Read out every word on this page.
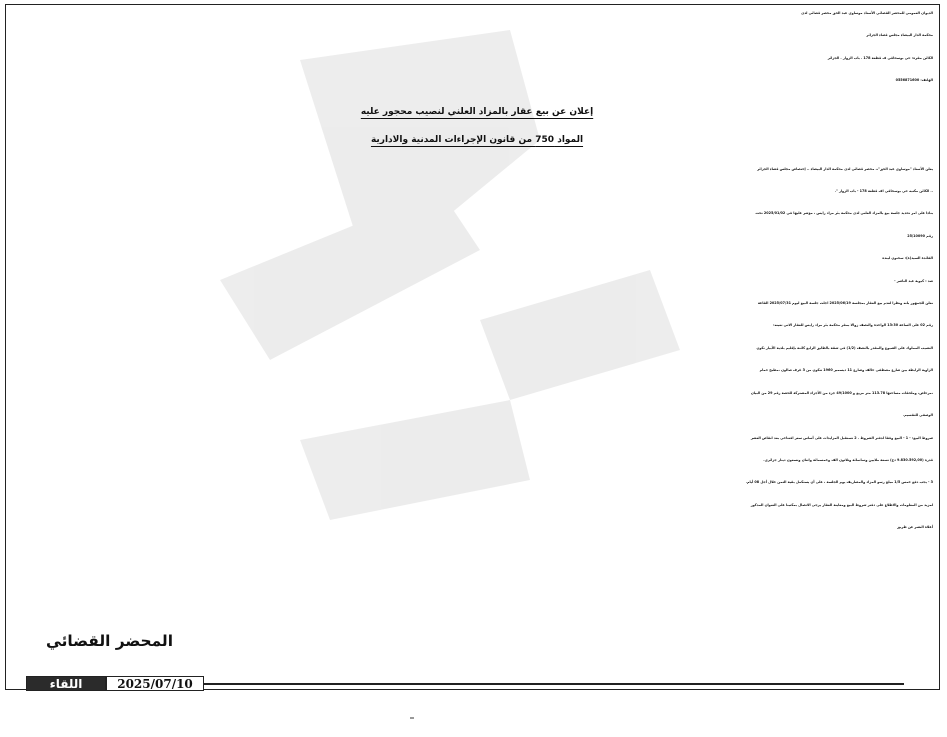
الديوان العمومي للمحضر القضائي الأستاذ موساوي عبد الحق محضر قضائي لدى
محكمة الدار البيضاء مجلس قضاء الجزائر
الكائن مقره: حي بوسحاقي ف قطعة 178 . باب الزوار . الجزائر
الهاتف: 0556871600
إعلان عن بيع عقار بالمزاد العلني لنصيب محجور عليه
المواد 750 من قانون الإجراءات المدنية والادارية
يعلن الأستاذ "موساوي عبد الحق"،، محضر قضائي لدى محكمة الدار البيضاء .. إختصاص مجلس قضاء الجزائر
.. الكائن مكتبه حي بوسحاقي اف قطعة 178 - باب الزوار ".
بناءا على امر تحديد جلسة بيع بالمزاد العلني لدى محكمة بئر مراد رايس ، مؤشر عليها في 2025/01/02 تحت
رقم 25/10090
الفائدة السيد(ة): سحنون لينده
ضد : كبوية عبد الناصر -
نعلن للجمهور بانه ونظرا لعدم بيع العقار بمجلسة 2025/06/19 اجلت جلسة البيع ليوم 2025/07/31 القاعة
رقم 02 على الساعة 13:30 الواحدة والنصف زوالا بمقر محكمة بئر مراد رايس للعقار الاتي تعينه:
النصيب المملوك على الشيوع والمقدر بالنصف (1/2) في شقة بالطابق الرابع كائنة بإقليم بلدية الأبيار تكون
الزاوية الرابطة بين شارع مصطفى خالف وشارع 11 ديسمبر 1960 تتكون من 3 غرف صالون ،مطبخ حمام
،مرحاض، وملحقات مساحتها 113.78 متر مربع و 49/1000 جزء من الأجزاء المشتركة للحصة رقم 29 من البيان
الوصفي للتقسيم.
شروط البيع: - 1 - البيع وفقا لدفتر الشروط . 2 تستقبل المزايدات على أساس سعر افتتاحي بعد انقاص العشر
قدره (9.830.592,00 دج) تسعة ملايين وثمانمائة وثلاثون الف وخمسمائة واثنان وتسعون دينار جزائري.
3 - يجب دفع خمس 1/5 مبلغ رسو المزاد والمصاريف يوم الجلسة ، على أن يستكمل بقية الثمن خلال أجل 08 أيام.
لمزيد من المعلومات والاطلاع على دفتر شروط البيع ومعاينة العقار يرجى الاتصال بمكتبنا على العنوان المذكور
أعلاه النشر عن طريق
المحضر القضائي
اللقاء	2025/07/10
